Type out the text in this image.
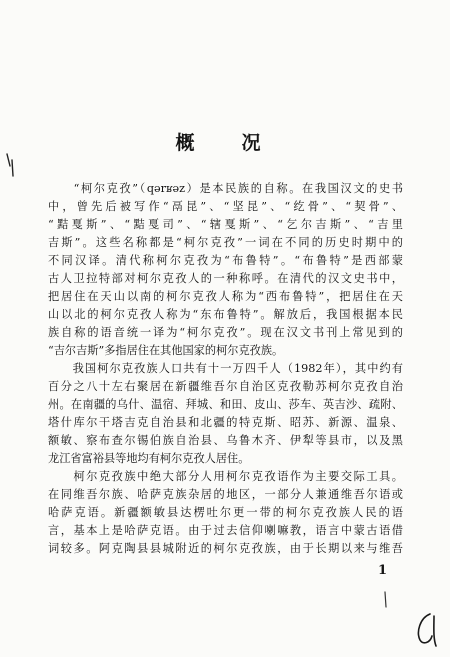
概　况
　　“柯尔克孜”（qərʁəz）是本民族的自称。在我国汉文的史书
中，曾先后被写作“鬲昆”、“坚昆”、“纥骨”、“契骨”、
“黠戛斯”、“黠戛司”、“辖戛斯”、“乞尔吉斯”、“吉里
吉斯”。这些名称都是“柯尔克孜”一词在不同的历史时期中的
不同汉译。清代称柯尔克孜为“布鲁特”。“布鲁特”是西部蒙
古人卫拉特部对柯尔克孜人的一种称呼。在清代的汉文史书中，
把居住在天山以南的柯尔克孜人称为“西布鲁特”，把居住在天
山以北的柯尔克孜人称为“东布鲁特”。解放后，我国根据本民
族自称的语音统一译为“柯尔克孜”。现在汉文书刊上常见到的
“吉尔吉斯”多指居住在其他国家的柯尔克孜族。
　　我国柯尔克孜族人口共有十一万四千人（1982年），其中约有
百分之八十左右聚居在新疆维吾尔自治区克孜勒苏柯尔克孜自治
州。在南疆的乌什、温宿、拜城、和田、皮山、莎车、英吉沙、疏附、
塔什库尔干塔吉克自治县和北疆的特克斯、昭苏、新源、温泉、
额敏、察布查尔锡伯族自治县、乌鲁木齐、伊犁等县市，以及黑
龙江省富裕县等地均有柯尔克孜人居住。
　　柯尔克孜族中绝大部分人用柯尔克孜语作为主要交际工具。
在同维吾尔族、哈萨克族杂居的地区，一部分人兼通维吾尔语或
哈萨克语。新疆额敏县达楞吐尔更一带的柯尔克孜族人民的语
言，基本上是哈萨克语。由于过去信仰喇嘛教，语言中蒙古语借
词较多。阿克陶县县城附近的柯尔克孜族，由于长期以来与维吾
1
